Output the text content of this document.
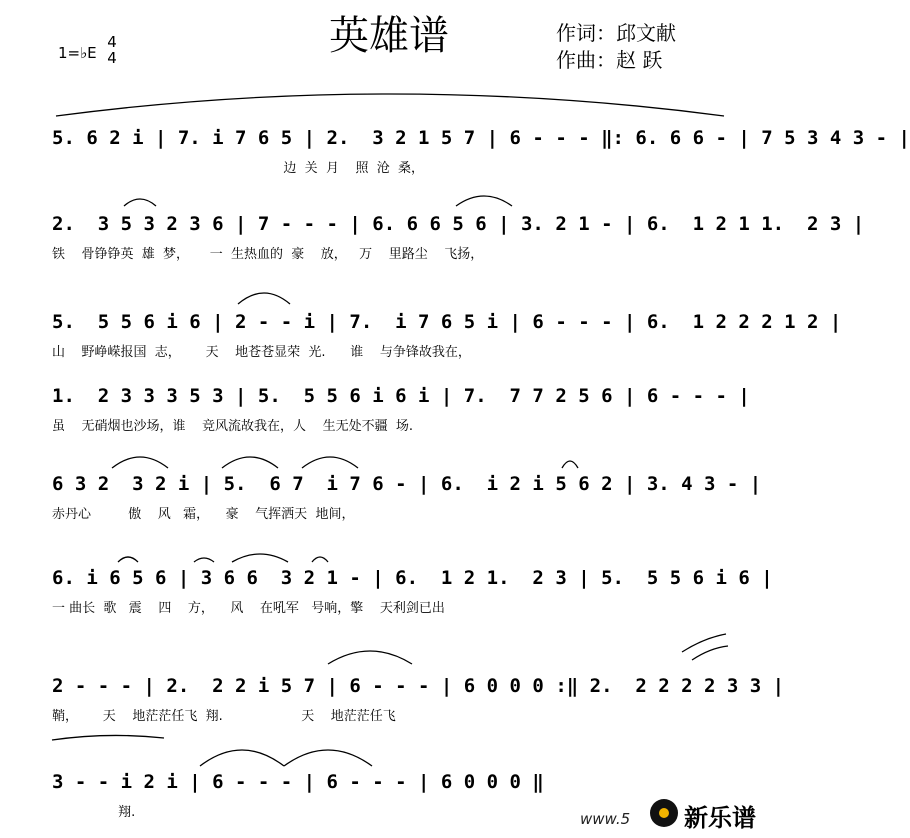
英雄谱
1=♭E
4
4
作词：邱文献
作曲：赵 跃
5. 6 2 i | 7. i 7 6 5 | 2.  3 2 1 5 7 | 6 - - - ‖: 6. 6 6 - | 7 5 3 4 3 - |
边  关  月    照  沧  桑，
2.  3 5 3 2 3 6 | 7 - - - | 6. 6 6 5 6 | 3. 2 1 - | 6.  1 2 1 1.  2 3 |
铁    骨铮铮英  雄  梦，     一  生热血的  豪    放，   万    里路尘    飞扬，
5.  5 5 6 i 6 | 2 - - i | 7.  i 7 6 5 i | 6 - - - | 6.  1 2 2 2 1 2 |
山    野峥嵘报国  志，      天    地苍苍显荣  光.      谁    与争锋故我在，
1.  2 3 3 3 5 3 | 5.  5 5 6 i 6 i | 7.  7 7 2 5 6 | 6 - - - |
虽    无硝烟也沙场，谁    竞风流故我在，人    生无处不疆  场.
6 3 2  3 2 i | 5.  6 7  i 7 6 - | 6.  i 2 i 5 6 2 | 3. 4 3 - |
赤丹心         傲    风   霜，    豪    气挥洒天  地间，
6. i 6 5 6 | 3 6 6  3 2 1 - | 6.  1 2 1.  2 3 | 5.  5 5 6 i 6 |
一 曲长  歌   震    四    方，    风    在吼军   号响，擎    天利剑已出
2 - - - | 2.  2 2 i 5 7 | 6 - - - | 6 0 0 0 :‖ 2.  2 2 2 2 3 3 |
鞘，      天    地茫茫任飞  翔.                   天    地茫茫任飞
3 - - i 2 i | 6 - - - | 6 - - - | 6 0 0 0 ‖
翔.	www.5 新乐谱
